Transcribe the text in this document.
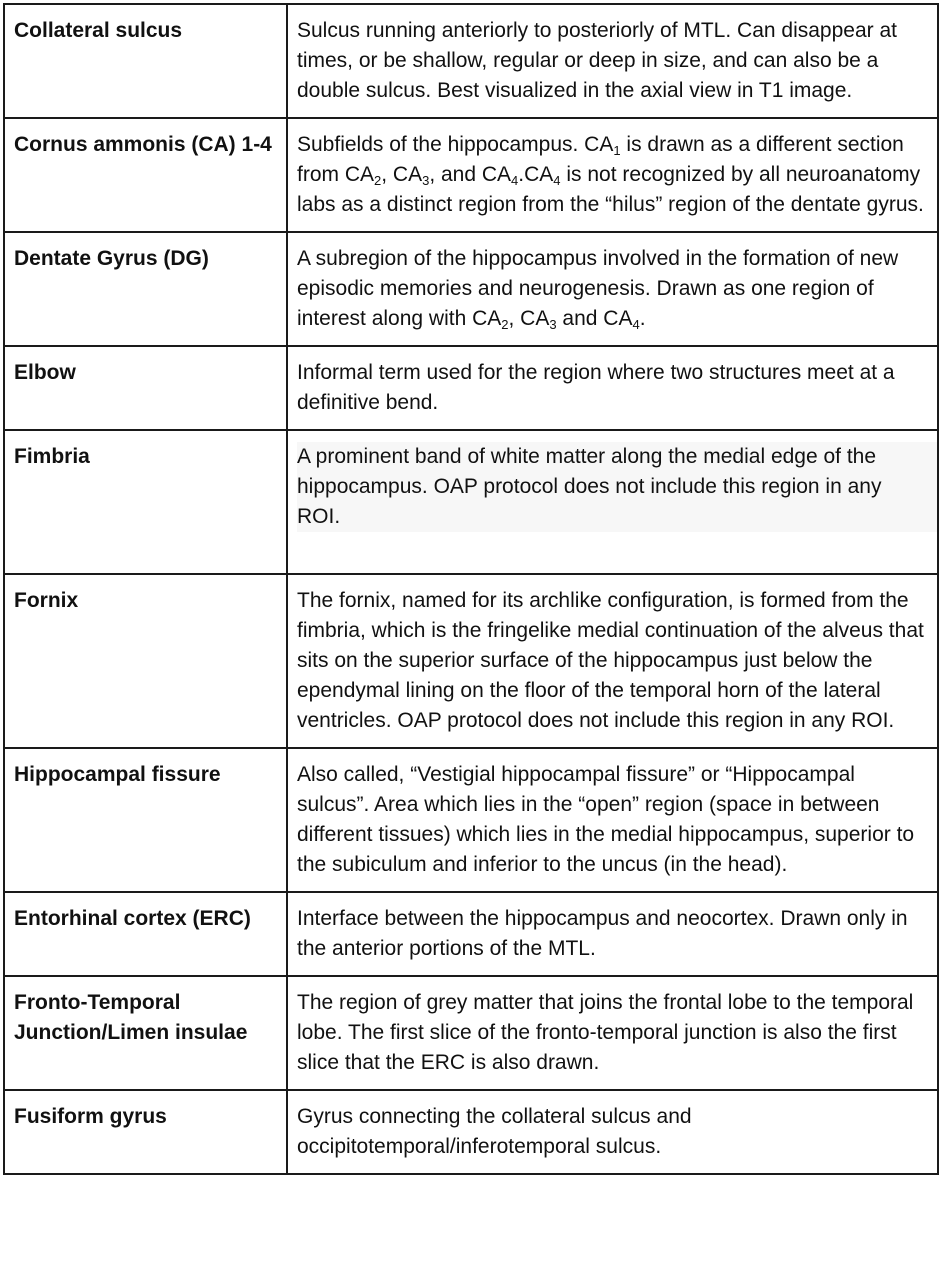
Collateral sulcus	Sulcus running anteriorly to posteriorly of MTL. Can disappear at times, or be shallow, regular or deep in size, and can also be a double sulcus. Best visualized in the axial view in T1 image.
Cornus ammonis (CA) 1-4	Subfields of the hippocampus. $CA_1$ is drawn as a different section from $CA_2$, $CA_3$, and $CA_4.CA_4$ is not recognized by all neuroanatomy labs as a distinct region from the “hilus” region of the dentate gyrus.
Dentate Gyrus (DG)	A subregion of the hippocampus involved in the formation of new episodic memories and neurogenesis. Drawn as one region of interest along with $CA_2$, $CA_3$ and $CA_4$.
Elbow	Informal term used for the region where two structures meet at a definitive bend.
Fimbria	A prominent band of white matter along the medial edge of the hippocampus. OAP protocol does not include this region in any ROI.

Fornix	The fornix, named for its archlike configuration, is formed from the fimbria, which is the fringelike medial continuation of the alveus that sits on the superior surface of the hippocampus just below the ependymal lining on the floor of the temporal horn of the lateral ventricles. OAP protocol does not include this region in any ROI.
Hippocampal fissure	Also called, “Vestigial hippocampal fissure” or “Hippocampal sulcus”. Area which lies in the “open” region (space in between different tissues) which lies in the medial hippocampus, superior to the subiculum and inferior to the uncus (in the head).
Entorhinal cortex (ERC)	Interface between the hippocampus and neocortex. Drawn only in the anterior portions of the MTL.
Fronto-Temporal Junction/Limen insulae	The region of grey matter that joins the frontal lobe to the temporal lobe. The first slice of the fronto-temporal junction is also the first slice that the ERC is also drawn.
Fusiform gyrus	Gyrus connecting the collateral sulcus and occipitotemporal/inferotemporal sulcus.
